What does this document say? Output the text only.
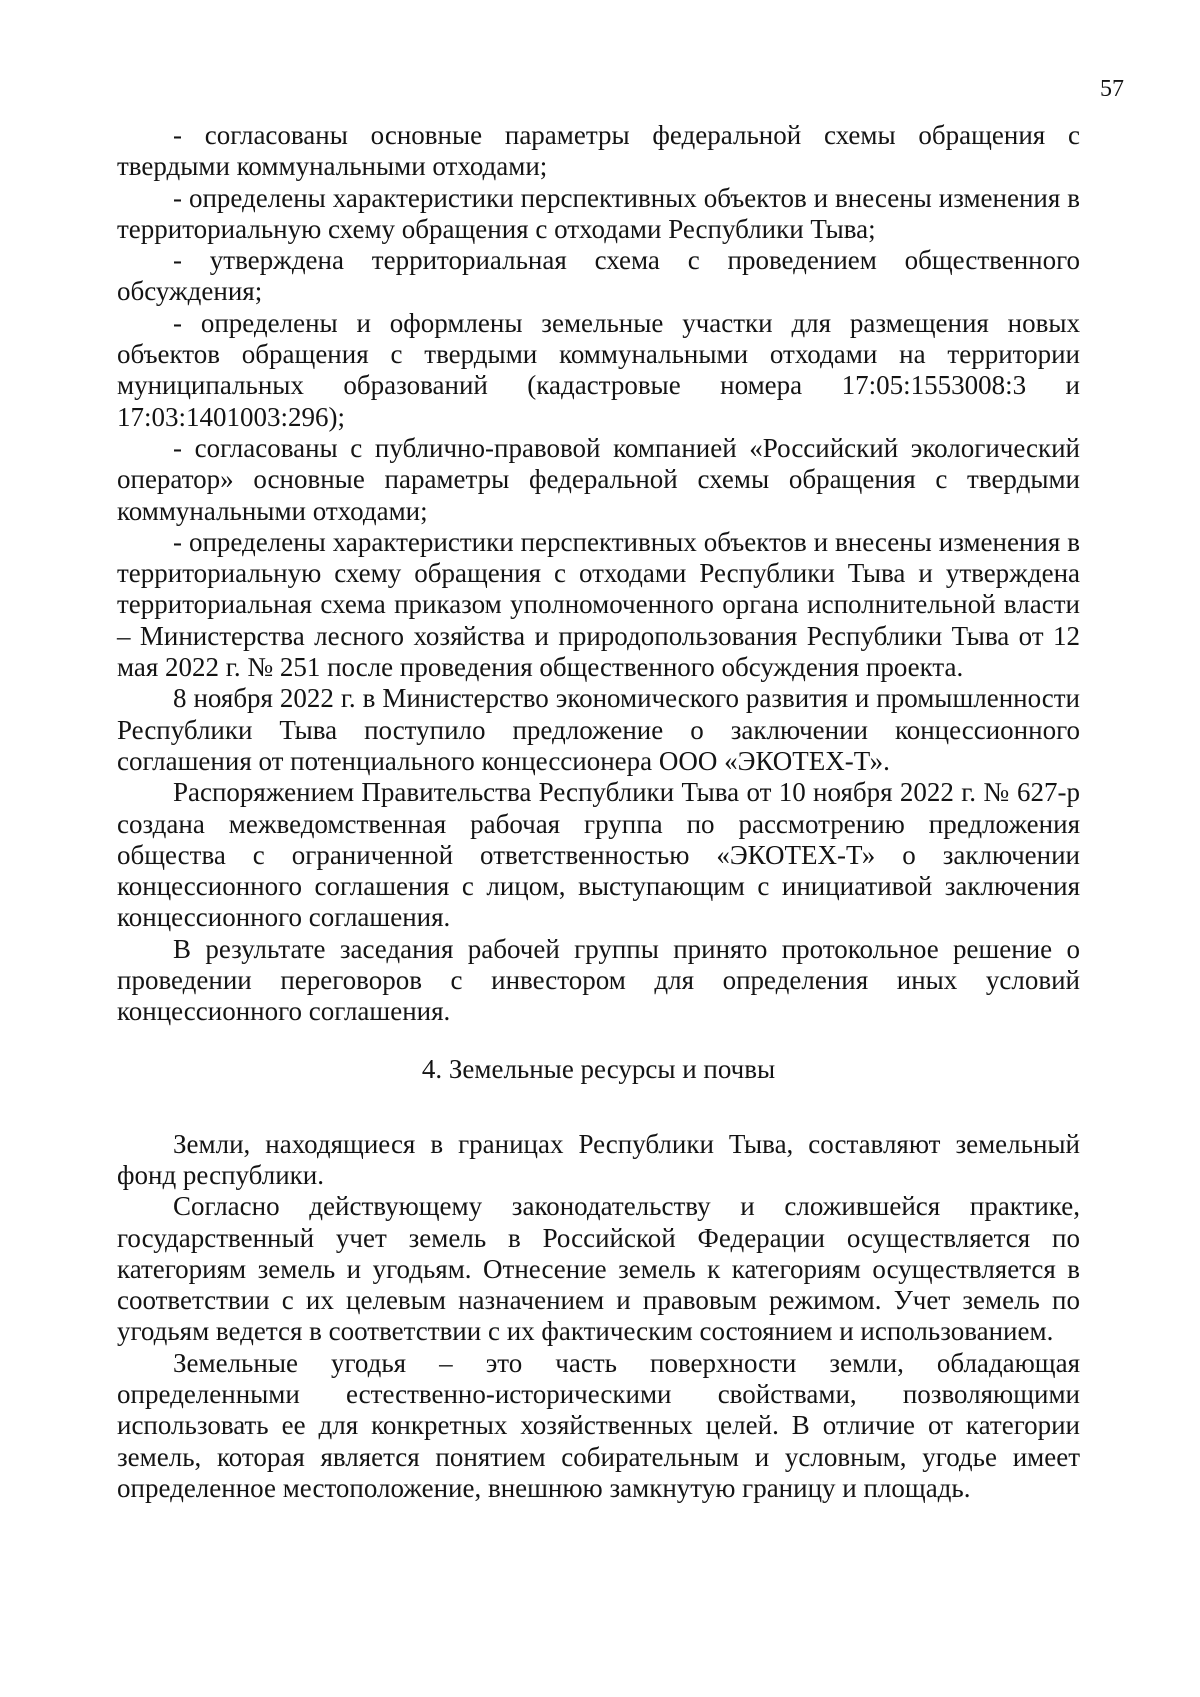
57

- согласованы основные параметры федеральной схемы обращения с твердыми коммунальными отходами;

- определены характеристики перспективных объектов и внесены изменения в территориальную схему обращения с отходами Республики Тыва;

- утверждена территориальная схема с проведением общественного обсуждения;

- определены и оформлены земельные участки для размещения новых объектов обращения с твердыми коммунальными отходами на территории муниципальных образований (кадастровые номера 17:05:1553008:3 и 17:03:1401003:296);

- согласованы с публично-правовой компанией «Российский экологический оператор» основные параметры федеральной схемы обращения с твердыми коммунальными отходами;

- определены характеристики перспективных объектов и внесены изменения в территориальную схему обращения с отходами Республики Тыва и утверждена территориальная схема приказом уполномоченного органа исполнительной власти – Министерства лесного хозяйства и природопользования Республики Тыва от 12 мая 2022 г. № 251 после проведения общественного обсуждения проекта.

8 ноября 2022 г. в Министерство экономического развития и промышленности Республики Тыва поступило предложение о заключении концессионного соглашения от потенциального концессионера ООО «ЭКОТЕХ-Т».

Распоряжением Правительства Республики Тыва от 10 ноября 2022 г. № 627-р создана межведомственная рабочая группа по рассмотрению предложения общества с ограниченной ответственностью «ЭКОТЕХ-Т» о заключении концессионного соглашения с лицом, выступающим с инициативой заключения концессионного соглашения.

В результате заседания рабочей группы принято протокольное решение о проведении переговоров с инвестором для определения иных условий концессионного соглашения.

4. Земельные ресурсы и почвы

Земли, находящиеся в границах Республики Тыва, составляют земельный фонд республики.

Согласно действующему законодательству и сложившейся практике, государственный учет земель в Российской Федерации осуществляется по категориям земель и угодьям. Отнесение земель к категориям осуществляется в соответствии с их целевым назначением и правовым режимом. Учет земель по угодьям ведется в соответствии с их фактическим состоянием и использованием.

Земельные угодья – это часть поверхности земли, обладающая определенными естественно-историческими свойствами, позволяющими использовать ее для конкретных хозяйственных целей. В отличие от категории земель, которая является понятием собирательным и условным, угодье имеет определенное местоположение, внешнюю замкнутую границу и площадь.
